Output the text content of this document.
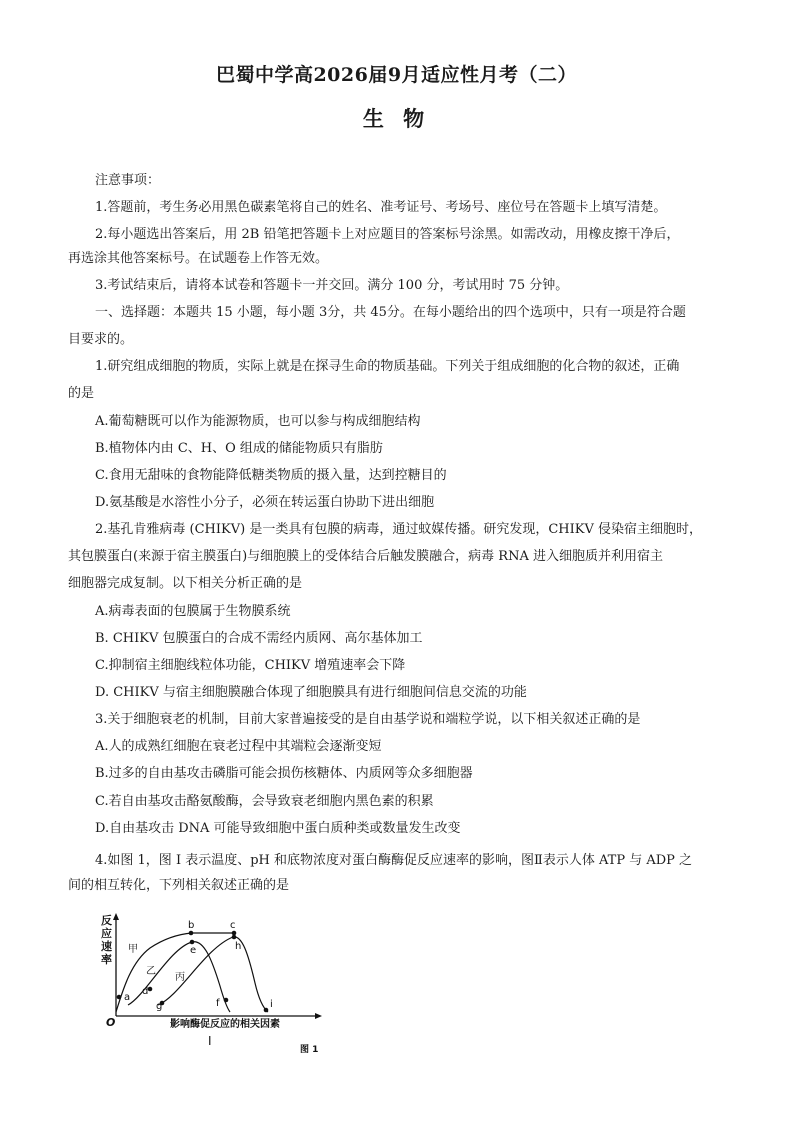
巴蜀中学高2026届9月适应性月考（二）
生 物
注意事项：
1.答题前，考生务必用黑色碳素笔将自己的姓名、准考证号、考场号、座位号在答题卡上填写清楚。
2.每小题选出答案后，用 2B 铅笔把答题卡上对应题目的答案标号涂黑。如需改动，用橡皮擦干净后，
再选涂其他答案标号。在试题卷上作答无效。
3.考试结束后，请将本试卷和答题卡一并交回。满分 100 分，考试用时 75 分钟。
一、选择题：本题共 15 小题，每小题 3分，共 45分。在每小题给出的四个选项中，只有一项是符合题
目要求的。
1.研究组成细胞的物质，实际上就是在探寻生命的物质基础。下列关于组成细胞的化合物的叙述，正确
的是
A.葡萄糖既可以作为能源物质，也可以参与构成细胞结构
B.植物体内由 C、H、O 组成的储能物质只有脂肪
C.食用无甜味的食物能降低糖类物质的摄入量，达到控糖目的
D.氨基酸是水溶性小分子，必须在转运蛋白协助下进出细胞
2.基孔肯雅病毒 (CHIKV) 是一类具有包膜的病毒，通过蚊媒传播。研究发现，CHIKV 侵染宿主细胞时，
其包膜蛋白(来源于宿主膜蛋白)与细胞膜上的受体结合后触发膜融合，病毒 RNA 进入细胞质并利用宿主
细胞器完成复制。以下相关分析正确的是
A.病毒表面的包膜属于生物膜系统
B. CHIKV 包膜蛋白的合成不需经内质网、高尔基体加工
C.抑制宿主细胞线粒体功能，CHIKV 增殖速率会下降
D. CHIKV 与宿主细胞膜融合体现了细胞膜具有进行细胞间信息交流的功能
3.关于细胞衰老的机制，目前大家普遍接受的是自由基学说和端粒学说，以下相关叙述正确的是
A.人的成熟红细胞在衰老过程中其端粒会逐渐变短
B.过多的自由基攻击磷脂可能会损伤核糖体、内质网等众多细胞器
C.若自由基攻击酪氨酸酶，会导致衰老细胞内黑色素的积累
D.自由基攻击 DNA 可能导致细胞中蛋白质种类或数量发生改变
4.如图 1，图 I 表示温度、pH 和底物浓度对蛋白酶酶促反应速率的影响，图Ⅱ表示人体 ATP 与 ADP 之
间的相互转化，下列相关叙述正确的是
反
应
速
率
O	影响酶促反应的相关因素
I
图 1
a
b	c
d
e
f
g
h
i
甲
乙
丙
